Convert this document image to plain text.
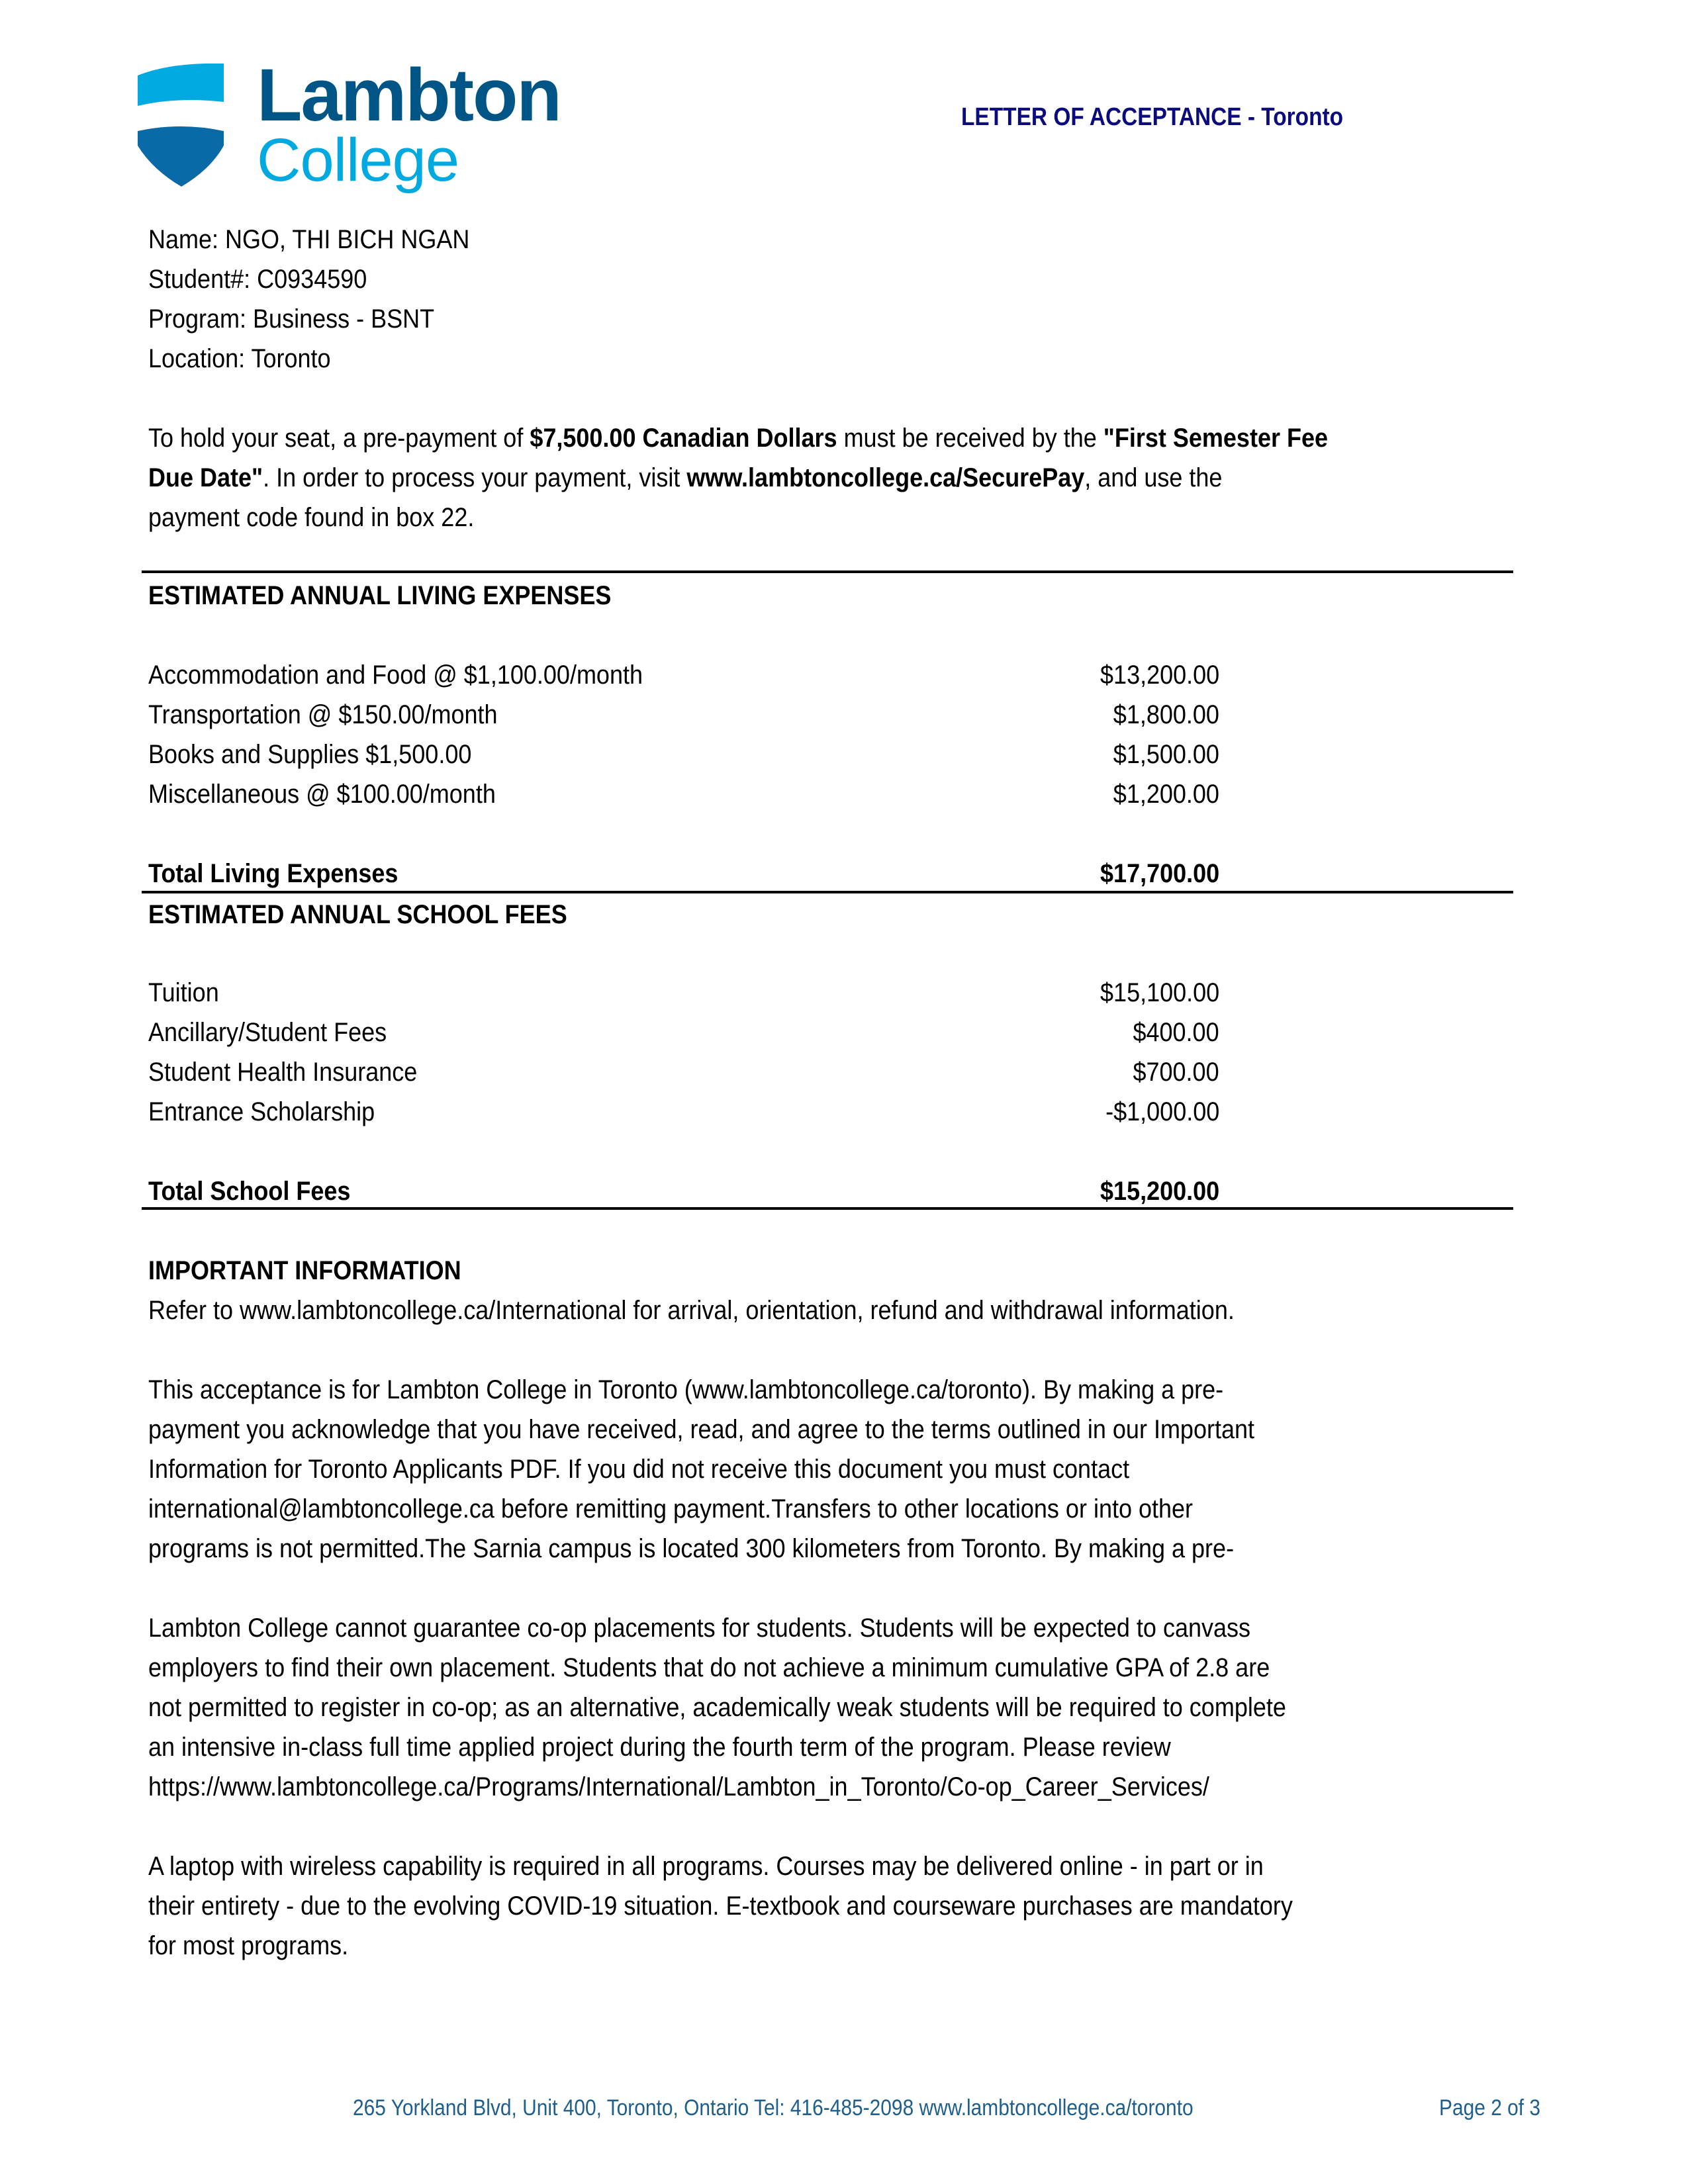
Lambton
College
LETTER OF ACCEPTANCE - Toronto
Name: NGO, THI BICH NGAN
Student#: C0934590
Program: Business - BSNT
Location: Toronto
To hold your seat, a pre-payment of $7,500.00 Canadian Dollars must be received by the "First Semester Fee
Due Date". In order to process your payment, visit www.lambtoncollege.ca/SecurePay, and use the
payment code found in box 22.
ESTIMATED ANNUAL LIVING EXPENSES
Accommodation and Food @ $1,100.00/month	$13,200.00
Transportation @ $150.00/month	$1,800.00
Books and Supplies $1,500.00	$1,500.00
Miscellaneous @ $100.00/month	$1,200.00
Total Living Expenses	$17,700.00
ESTIMATED ANNUAL SCHOOL FEES
Tuition	$15,100.00
Ancillary/Student Fees	$400.00
Student Health Insurance	$700.00
Entrance Scholarship	-$1,000.00
Total School Fees	$15,200.00
IMPORTANT INFORMATION
Refer to www.lambtoncollege.ca/International for arrival, orientation, refund and withdrawal information.
This acceptance is for Lambton College in Toronto (www.lambtoncollege.ca/toronto). By making a pre-
payment you acknowledge that you have received, read, and agree to the terms outlined in our Important
Information for Toronto Applicants PDF. If you did not receive this document you must contact
international@lambtoncollege.ca before remitting payment.Transfers to other locations or into other
programs is not permitted.The Sarnia campus is located 300 kilometers from Toronto. By making a pre-
Lambton College cannot guarantee co-op placements for students. Students will be expected to canvass
employers to find their own placement. Students that do not achieve a minimum cumulative GPA of 2.8 are
not permitted to register in co-op; as an alternative, academically weak students will be required to complete
an intensive in-class full time applied project during the fourth term of the program. Please review
https://www.lambtoncollege.ca/Programs/International/Lambton_in_Toronto/Co-op_Career_Services/
A laptop with wireless capability is required in all programs. Courses may be delivered online - in part or in
their entirety - due to the evolving COVID-19 situation. E-textbook and courseware purchases are mandatory
for most programs.
265 Yorkland Blvd, Unit 400, Toronto, Ontario Tel: 416-485-2098 www.lambtoncollege.ca/toronto	Page 2 of 3
